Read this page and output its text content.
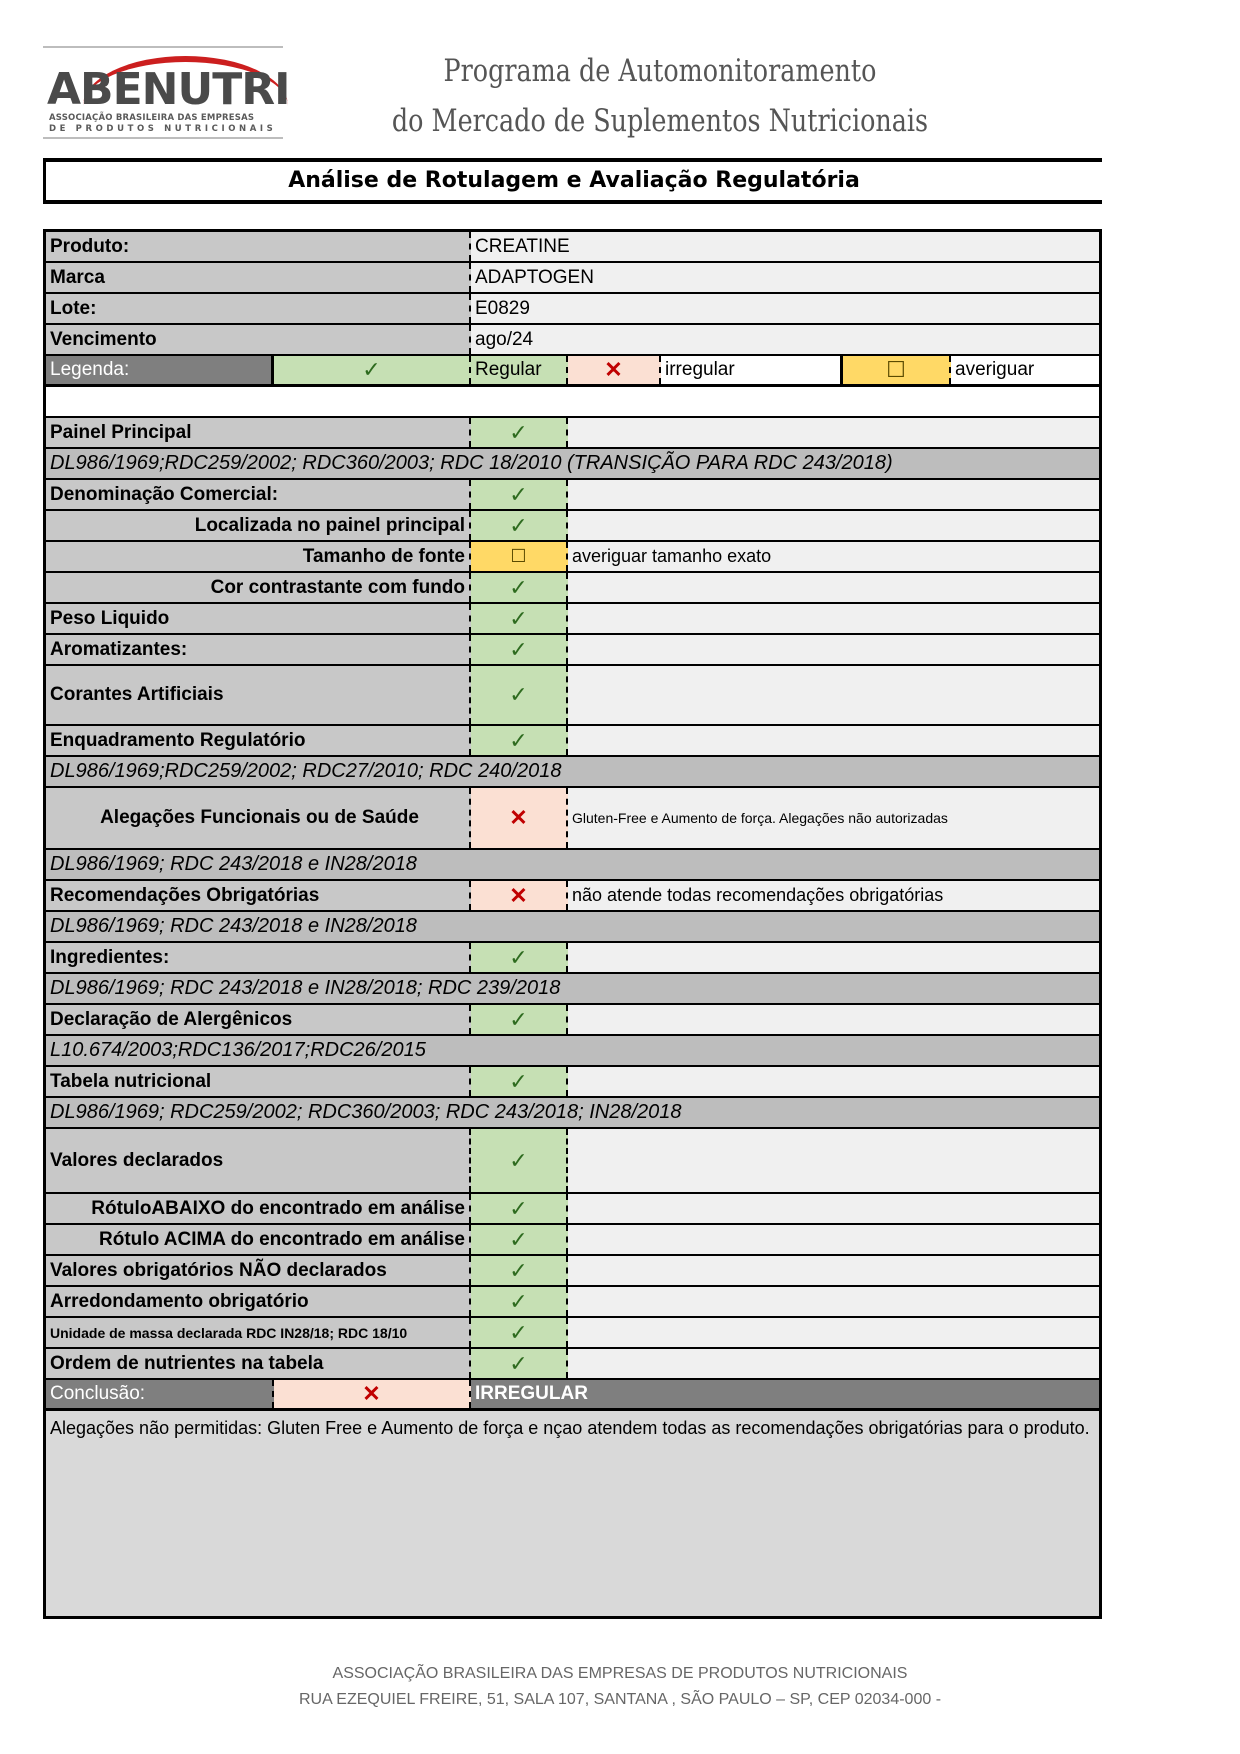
ABENUTRI
ASSOCIAÇÃO BRASILEIRA DAS EMPRESAS
DE PRODUTOS NUTRICIONAIS
Programa de Automonitoramento
do Mercado de Suplementos Nutricionais
Análise de Rotulagem e Avaliação Regulatória
Produto:	CREATINE
Marca	ADAPTOGEN
Lote:	E0829
Vencimento	ago/24
Legenda:	✓	Regular	✕	irregular	☐	averiguar
Painel Principal	✓
DL986/1969;RDC259/2002; RDC360/2003; RDC 18/2010 (TRANSIÇÃO PARA RDC 243/2018)
Denominação Comercial:	✓
Localizada no painel principal	✓
Tamanho de fonte	☐	averiguar tamanho exato
Cor contrastante com fundo	✓
Peso Liquido	✓
Aromatizantes:	✓
Corantes Artificiais	✓
Enquadramento Regulatório	✓
DL986/1969;RDC259/2002; RDC27/2010; RDC 240/2018
Alegações Funcionais ou de Saúde	✕	Gluten-Free e Aumento de força. Alegações não autorizadas
DL986/1969; RDC 243/2018 e IN28/2018
Recomendações Obrigatórias	✕	não atende todas recomendações obrigatórias
DL986/1969; RDC 243/2018 e IN28/2018
Ingredientes:	✓
DL986/1969; RDC 243/2018 e IN28/2018; RDC 239/2018
Declaração de Alergênicos	✓
L10.674/2003;RDC136/2017;RDC26/2015
Tabela nutricional	✓
DL986/1969; RDC259/2002; RDC360/2003; RDC 243/2018; IN28/2018
Valores declarados	✓
RótuloABAIXO do encontrado em análise	✓
Rótulo ACIMA do encontrado em análise	✓
Valores obrigatórios NÃO declarados	✓
Arredondamento obrigatório	✓
Unidade de massa declarada RDC IN28/18; RDC 18/10	✓
Ordem de nutrientes na tabela	✓
Conclusão:	✕	IRREGULAR
Alegações não permitidas: Gluten Free e Aumento de força e nçao atendem todas as recomendações obrigatórias para o produto.
ASSOCIAÇÃO BRASILEIRA DAS EMPRESAS DE PRODUTOS NUTRICIONAIS
RUA EZEQUIEL FREIRE, 51, SALA 107, SANTANA , SÃO PAULO – SP, CEP 02034-000 -
